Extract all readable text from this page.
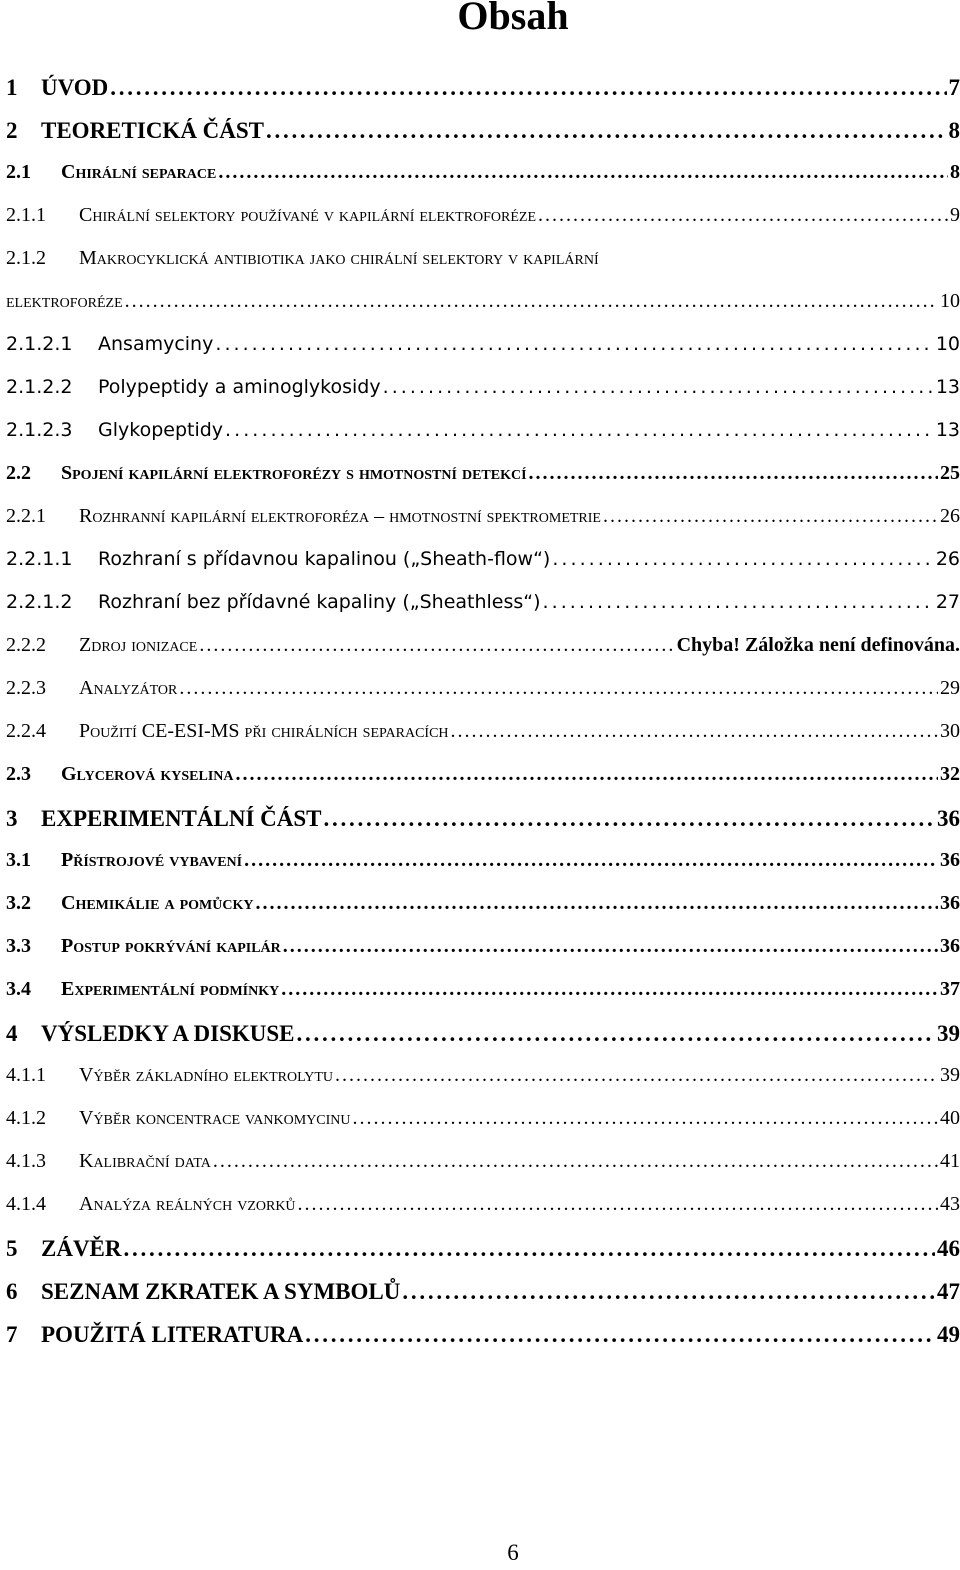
Obsah
1	ÚVOD . . .	7
2	TEORETICKÁ ČÁST . . .	8
2.1	Chirální separace . . .	8
2.1.1	Chirální selektory používané v kapilární elektroforéze . . .	9
2.1.2 Makrocyklická antibiotika jako chirální selektory v kapilární
elektroforéze . . .	10
2.1.2.1	Ansamyciny . . .	10
2.1.2.2	Polypeptidy a aminoglykosidy . . .	13
2.1.2.3	Glykopeptidy . . .	13
2.2	Spojení kapilární elektroforézy s hmotnostní detekcí . . .	25
2.2.1	Rozhranní kapilární elektroforéza – hmotnostní spektrometrie . . .	26
2.2.1.1	Rozhraní s přídavnou kapalinou („Sheath-flow“) . . .	26
2.2.1.2	Rozhraní bez přídavné kapaliny („Sheathless“) . . .	27
2.2.2	Zdroj ionizace . . .	Chyba! Záložka není definována.
2.2.3	Analyzátor . . .	29
2.2.4	Použití CE-ESI-MS při chirálních separacích . . .	30
2.3	Glycerová kyselina . . .	32
3	EXPERIMENTÁLNÍ ČÁST . . .	36
3.1	Přístrojové vybavení . . .	36
3.2	Chemikálie a pomůcky . . .	36
3.3	Postup pokrývání kapilár . . .	36
3.4	Experimentální podmínky . . .	37
4	VÝSLEDKY A DISKUSE . . .	39
4.1.1	Výběr základního elektrolytu . . .	39
4.1.2	Výběr koncentrace vankomycinu . . .	40
4.1.3	Kalibrační data . . .	41
4.1.4	Analýza reálných vzorků . . .	43
5	ZÁVĚR . . .	46
6	SEZNAM ZKRATEK A SYMBOLŮ . . .	47
7	POUŽITÁ LITERATURA . . .	49
6
